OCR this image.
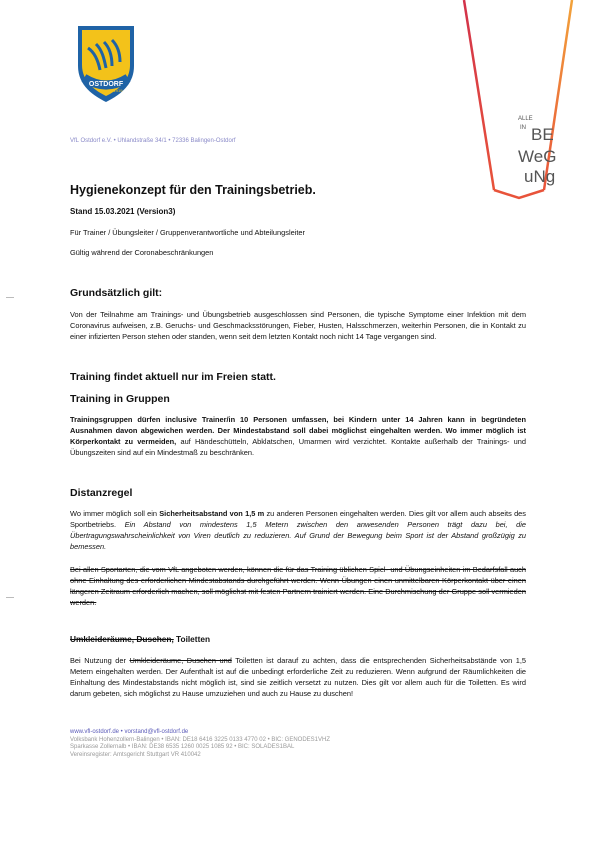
OSTDORF
1919
ALLE
IN BE
WeG
uNg
VfL Ostdorf e.V. • Uhlandstraße 34/1 • 72336 Balingen-Ostdorf
Hygienekonzept für den Trainingsbetrieb.
Stand 15.03.2021 (Version3)
Für Trainer / Übungsleiter / Gruppenverantwortliche und Abteilungsleiter
Gültig während der Coronabeschränkungen
Grundsätzlich gilt:
Von der Teilnahme am Trainings- und Übungsbetrieb ausgeschlossen sind Personen, die typische Symptome einer Infektion mit dem Coronavirus aufweisen, z.B. Geruchs- und Geschmacksstörungen, Fieber, Husten, Halsschmerzen, weiterhin Personen, die in Kontakt zu einer infizierten Person stehen oder standen, wenn seit dem letzten Kontakt noch nicht 14 Tage vergangen sind.
Training findet aktuell nur im Freien statt.
Training in Gruppen
Trainingsgruppen dürfen inclusive Trainer/in 10 Personen umfassen, bei Kindern unter 14 Jahren kann in begründeten Ausnahmen davon abgewichen werden. Der Mindestabstand soll dabei möglichst eingehalten werden. Wo immer möglich ist Körperkontakt zu vermeiden, auf Händeschütteln, Abklatschen, Umarmen wird verzichtet. Kontakte außerhalb der Trainings- und Übungszeiten sind auf ein Mindestmaß zu beschränken.
Distanzregel
Wo immer möglich soll ein Sicherheitsabstand von 1,5 m zu anderen Personen eingehalten werden. Dies gilt vor allem auch abseits des Sportbetriebs. Ein Abstand von mindestens 1,5 Metern zwischen den anwesenden Personen trägt dazu bei, die Übertragungswahrscheinlichkeit von Viren deutlich zu reduzieren. Auf Grund der Bewegung beim Sport ist der Abstand großzügig zu bemessen.
Bei allen Sportarten, die vom VfL angeboten werden, können die für das Training üblichen Spiel- und Übungseinheiten im Bedarfsfall auch ohne Einhaltung des erforderlichen Mindestabstands durchgeführt werden. Wenn Übungen einen unmittelbaren Körperkontakt über einen längeren Zeitraum erforderlich machen, soll möglichst mit festen Partnern trainiert werden. Eine Durchmischung der Gruppe soll vermieden werden.
Umkleideräume, Duschen, Toiletten
Bei Nutzung der Umkleideräume, Duschen und Toiletten ist darauf zu achten, dass die entsprechenden Sicherheitsabstände von 1,5 Metern eingehalten werden. Der Aufenthalt ist auf die unbedingt erforderliche Zeit zu reduzieren. Wenn aufgrund der Räumlichkeiten die Einhaltung des Mindestabstands nicht möglich ist, sind sie zeitlich versetzt zu nutzen. Dies gilt vor allem auch für die Toiletten. Es wird darum gebeten, sich möglichst zu Hause umzuziehen und auch zu Hause zu duschen!
www.vfl-ostdorf.de • vorstand@vfl-ostdorf.de
Volksbank Hohenzollern-Balingen • IBAN: DE18 6416 3225 0133 4770 02 • BIC: GENODES1VHZ
Sparkasse Zollernalb • IBAN: DE38 6535 1260 0025 1085 92 • BIC: SOLADES1BAL
Vereinsregister: Amtsgericht Stuttgart VR 410042
